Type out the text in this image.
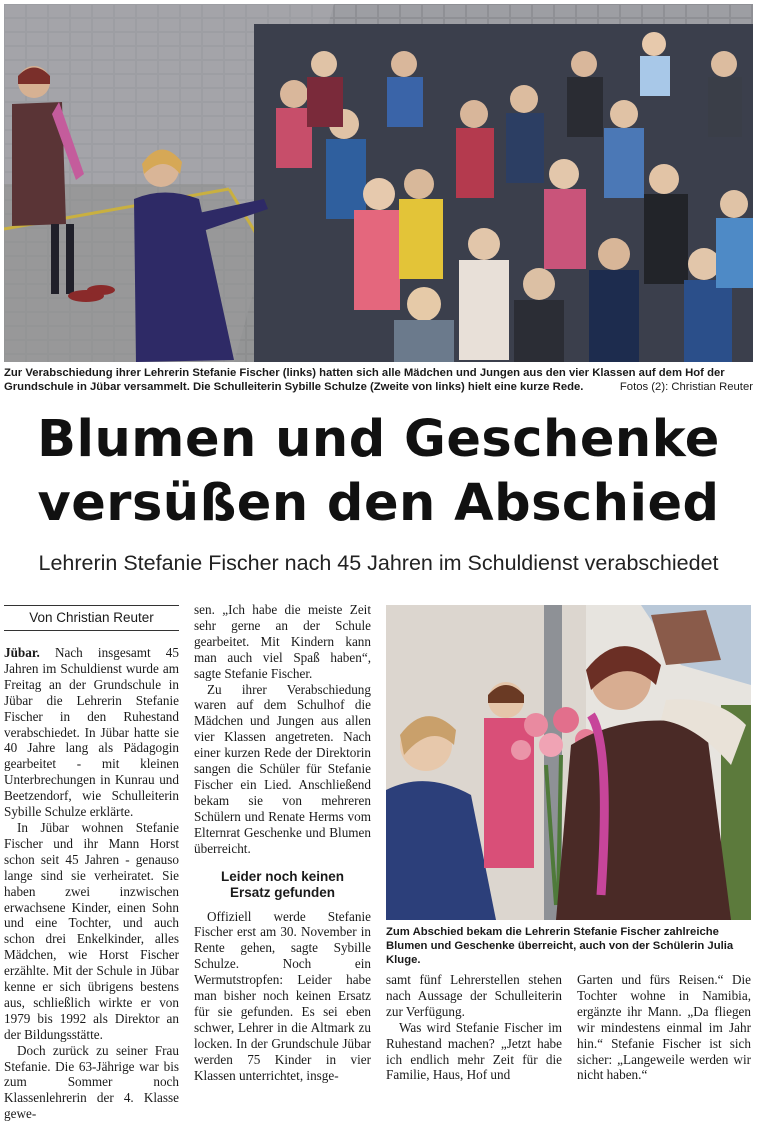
Zur Verabschiedung ihrer Lehrerin Stefanie Fischer (links) hatten sich alle Mädchen und Jungen aus den vier Klassen auf dem Hof der Grundschule in Jübar versammelt. Die Schulleiterin Sybille Schulze (Zweite von links) hielt eine kurze Rede.	Fotos (2): Christian Reuter
Blumen und Geschenke
versüßen den Abschied
Lehrerin Stefanie Fischer nach 45 Jahren im Schuldienst verabschiedet
Von Christian Reuter

Jübar. Nach insgesamt 45 Jahren im Schuldienst wurde am Freitag an der Grundschule in Jübar die Lehrerin Stefanie Fischer in den Ruhestand verabschiedet. In Jübar hatte sie 40 Jahre lang als Pädagogin gearbeitet - mit kleinen Unterbrechungen in Kunrau und Beetzendorf, wie Schulleiterin Sybille Schulze erklärte.

In Jübar wohnen Stefanie Fischer und ihr Mann Horst schon seit 45 Jahren - genauso lange sind sie verheiratet. Sie haben zwei inzwischen erwachsene Kinder, einen Sohn und eine Tochter, und auch schon drei Enkelkinder, alles Mädchen, wie Horst Fischer erzählte. Mit der Schule in Jübar kenne er sich übrigens bestens aus, schließlich wirkte er von 1979 bis 1992 als Direktor an der Bildungsstätte.

Doch zurück zu seiner Frau Stefanie. Die 63-Jährige war bis zum Sommer noch Klassenlehrerin der 4. Klasse gewe-

sen. „Ich habe die meiste Zeit sehr gerne an der Schule gearbeitet. Mit Kindern kann man auch viel Spaß haben“, sagte Stefanie Fischer.

Zu ihrer Verabschiedung waren auf dem Schulhof die Mädchen und Jungen aus allen vier Klassen angetreten. Nach einer kurzen Rede der Direktorin sangen die Schüler für Stefanie Fischer ein Lied. Anschließend bekam sie von mehreren Schülern und Renate Herms vom Elternrat Geschenke und Blumen überreicht.

Leider noch keinen
Ersatz gefunden

Offiziell werde Stefanie Fischer erst am 30. November in Rente gehen, sagte Sybille Schulze. Noch ein Wermutstropfen: Leider habe man bisher noch keinen Ersatz für sie gefunden. Es sei eben schwer, Lehrer in die Altmark zu locken. In der Grundschule Jübar werden 75 Kinder in vier Klassen unterrichtet, insge-

Zum Abschied bekam die Lehrerin Stefanie Fischer zahlreiche Blumen und Geschenke überreicht, auch von der Schülerin Julia Kluge.

samt fünf Lehrerstellen stehen nach Aussage der Schulleiterin zur Verfügung.

Was wird Stefanie Fischer im Ruhestand machen? „Jetzt habe ich endlich mehr Zeit für die Familie, Haus, Hof und

Garten und fürs Reisen.“ Die Tochter wohne in Namibia, ergänzte ihr Mann. „Da fliegen wir mindestens einmal im Jahr hin.“ Stefanie Fischer ist sich sicher: „Langeweile werden wir nicht haben.“
